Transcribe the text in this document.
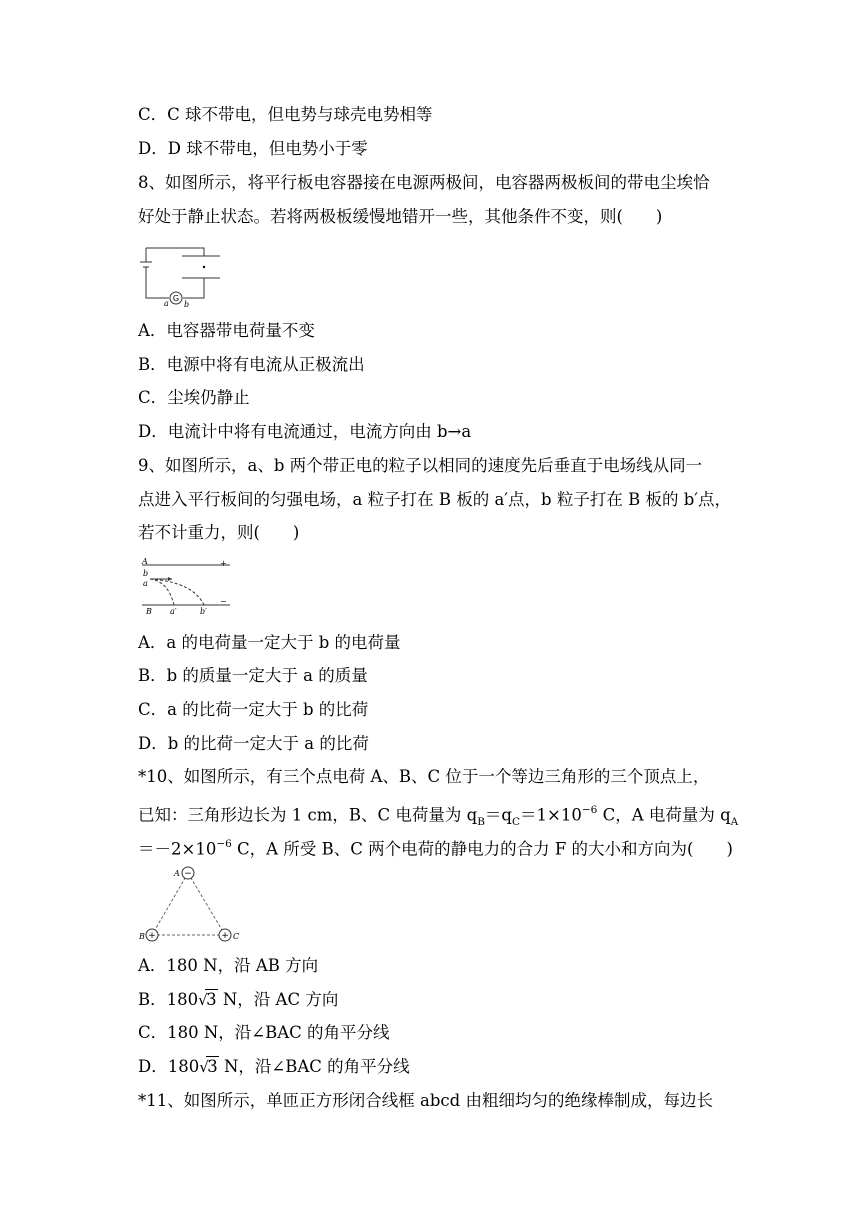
C．C 球不带电，但电势与球壳电势相等
D．D 球不带电，但电势小于零
8、如图所示，将平行板电容器接在电源两极间，电容器两极板间的带电尘埃恰
好处于静止状态。若将两极板缓慢地错开一些，其他条件不变，则(　　)
G
a b
A．电容器带电荷量不变
B．电源中将有电流从正极流出
C．尘埃仍静止
D．电流计中将有电流通过，电流方向由 b→a
9、如图所示，a、b 两个带正电的粒子以相同的速度先后垂直于电场线从同一
点进入平行板间的匀强电场，a 粒子打在 B 板的 a′点，b 粒子打在 B 板的 b′点，
若不计重力，则(　　)
A	+
b
a
B a′	b′
−
A．a 的电荷量一定大于 b 的电荷量
B．b 的质量一定大于 a 的质量
C．a 的比荷一定大于 b 的比荷
D．b 的比荷一定大于 a 的比荷
*10、如图所示，有三个点电荷 A、B、C 位于一个等边三角形的三个顶点上，
已知：三角形边长为 1 cm，B、C 电荷量为 $q_B=q_C=1\times 10^{-6}$ C，A 电荷量为 $q_A$
$=-2\times 10^{-6}$ C，A 所受 B、C 两个电荷的静电力的合力 F 的大小和方向为(　　)
−
+	+
A
B	C
A．180 N，沿 AB 方向
B．180 √
3 N，沿 AC 方向
C．180 N，沿∠BAC 的角平分线
D．180 √
3 N，沿∠BAC 的角平分线
*11、如图所示，单匝正方形闭合线框 abcd 由粗细均匀的绝缘棒制成，每边长
